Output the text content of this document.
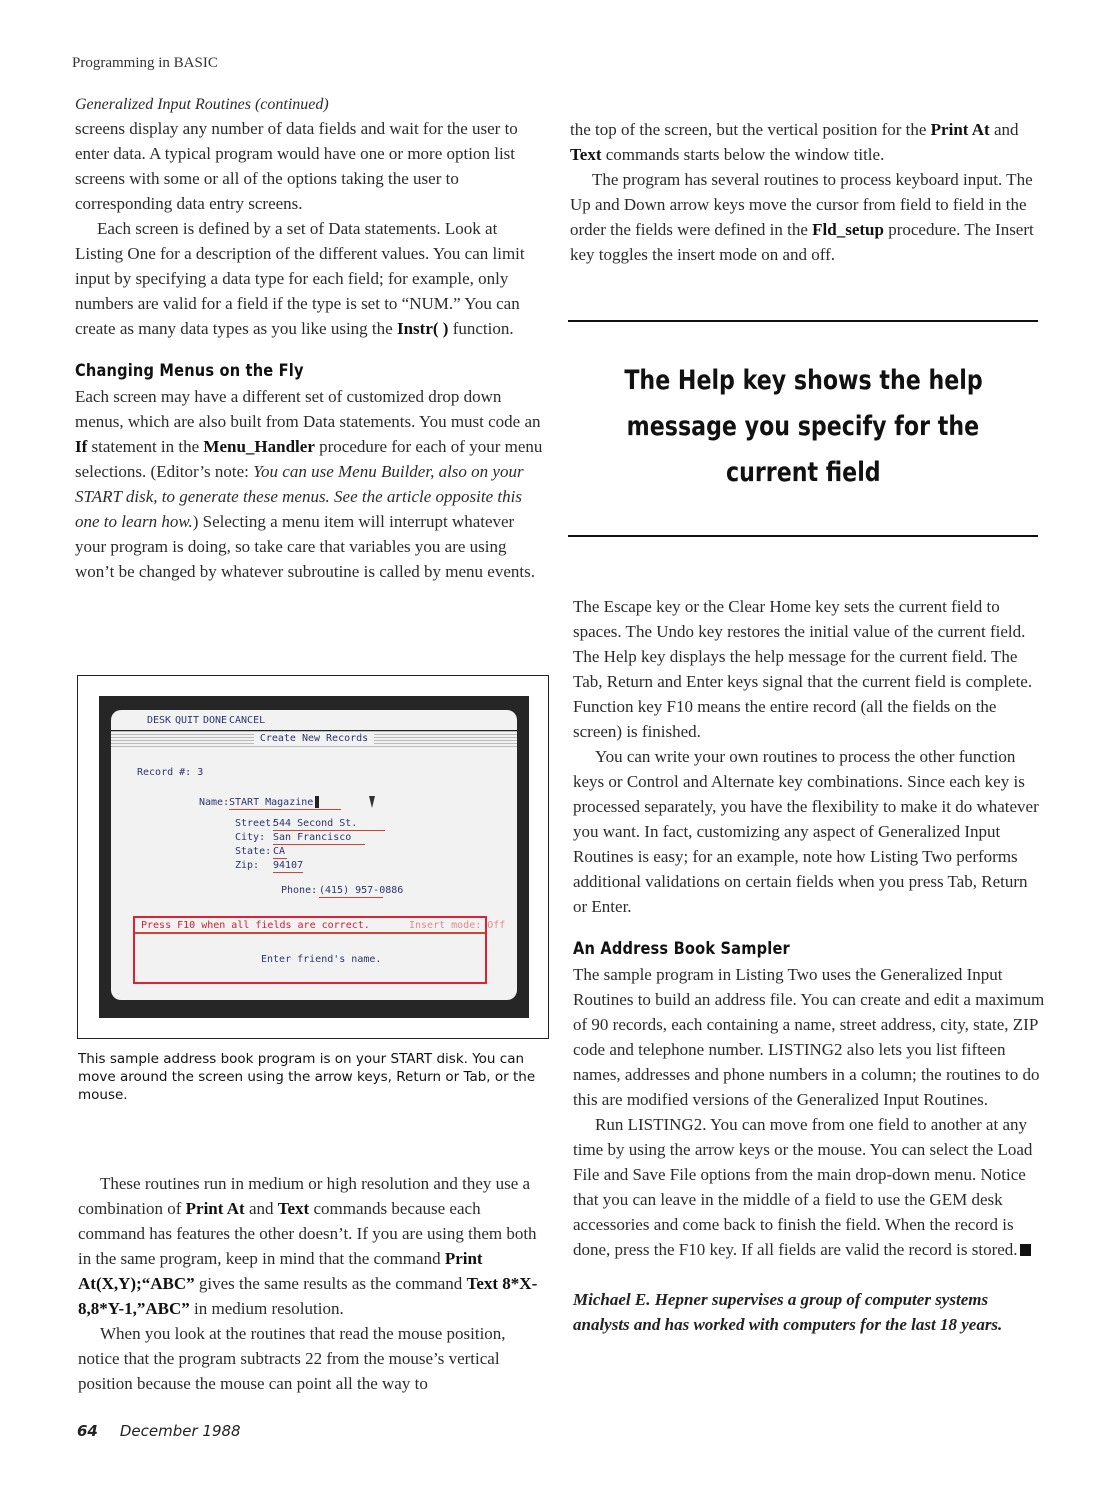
Programming in BASIC

Generalized Input Routines (continued)

screens display any number of data fields and wait for the user to enter data. A typical program would have one or more option list screens with some or all of the options taking the user to corresponding data entry screens.

Each screen is defined by a set of Data statements. Look at Listing One for a description of the different values. You can limit input by specifying a data type for each field; for example, only numbers are valid for a field if the type is set to “NUM.” You can create as many data types as you like using the Instr( ) function.

Changing Menus on the Fly

Each screen may have a different set of customized drop down menus, which are also built from Data statements. You must code an If statement in the Menu_Handler procedure for each of your menu selections. (Editor’s note: You can use Menu Builder, also on your START disk, to generate these menus. See the article opposite this one to learn how.) Selecting a menu item will interrupt whatever your program is doing, so take care that variables you are using won’t be changed by whatever subroutine is called by menu events.

DESK QUIT DONE CANCEL
Create New Records
Record #: 3
Name: START Magazine
Street:
544 Second St.
City: San Francisco
State: CA
Zip: 94107
Phone: (415) 957-0886
Press F10 when all fields are correct.	Insert mode: Off
Enter friend's name.
This sample address book program is on your START disk. You can move around the screen using the arrow keys, Return or Tab, or the mouse.

These routines run in medium or high resolution and they use a combination of Print At and Text commands because each command has features the other doesn’t. If you are using them both in the same program, keep in mind that the command Print At(X,Y);“ABC” gives the same results as the command Text 8*X-8,8*Y-1,”ABC” in medium resolution.

When you look at the routines that read the mouse position, notice that the program subtracts 22 from the mouse’s vertical position because the mouse can point all the way to

the top of the screen, but the vertical position for the Print At and Text commands starts below the window title.

The program has several routines to process keyboard input. The Up and Down arrow keys move the cursor from field to field in the order the fields were defined in the Fld_setup procedure. The Insert key toggles the insert mode on and off.

The Help key shows the help
message you specify for the
current field

The Escape key or the Clear Home key sets the current field to spaces. The Undo key restores the initial value of the current field. The Help key displays the help message for the current field. The Tab, Return and Enter keys signal that the current field is complete. Function key F10 means the entire record (all the fields on the screen) is finished.

You can write your own routines to process the other function keys or Control and Alternate key combinations. Since each key is processed separately, you have the flexibility to make it do whatever you want. In fact, customizing any aspect of Generalized Input Routines is easy; for an example, note how Listing Two performs additional validations on certain fields when you press Tab, Return or Enter.

An Address Book Sampler

The sample program in Listing Two uses the Generalized Input Routines to build an address file. You can create and edit a maximum of 90 records, each containing a name, street address, city, state, ZIP code and telephone number. LISTING2 also lets you list fifteen names, addresses and phone numbers in a column; the routines to do this are modified versions of the Generalized Input Routines.

Run LISTING2. You can move from one field to another at any time by using the arrow keys or the mouse. You can select the Load File and Save File options from the main drop-down menu. Notice that you can leave in the middle of a field to use the GEM desk accessories and come back to finish the field. When the record is done, press the F10 key. If all fields are valid the record is stored.

Michael E. Hepner supervises a group of computer systems analysts and has worked with computers for the last 18 years.

64 December 1988
